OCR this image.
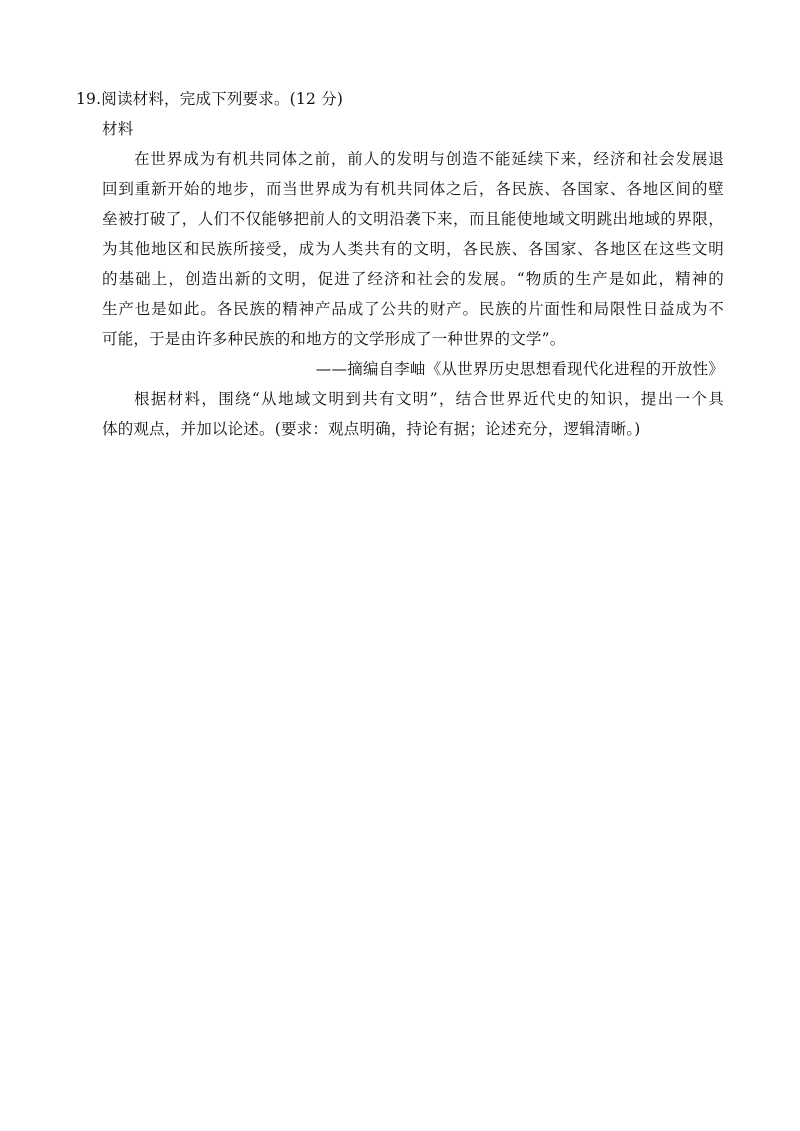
19.阅读材料，完成下列要求。(12 分)
材料
在世界成为有机共同体之前，前人的发明与创造不能延续下来，经济和社会发展退
回到重新开始的地步，而当世界成为有机共同体之后，各民族、各国家、各地区间的壁
垒被打破了，人们不仅能够把前人的文明沿袭下来，而且能使地域文明跳出地域的界限，
为其他地区和民族所接受，成为人类共有的文明，各民族、各国家、各地区在这些文明
的基础上，创造出新的文明，促进了经济和社会的发展。“物质的生产是如此，精神的
生产也是如此。各民族的精神产品成了公共的财产。民族的片面性和局限性日益成为不
可能，于是由许多种民族的和地方的文学形成了一种世界的文学”。
——摘编自李岫《从世界历史思想看现代化进程的开放性》
根据材料，围绕“从地域文明到共有文明”，结合世界近代史的知识，提出一个具
体的观点，并加以论述。(要求：观点明确，持论有据；论述充分，逻辑清晰。)
